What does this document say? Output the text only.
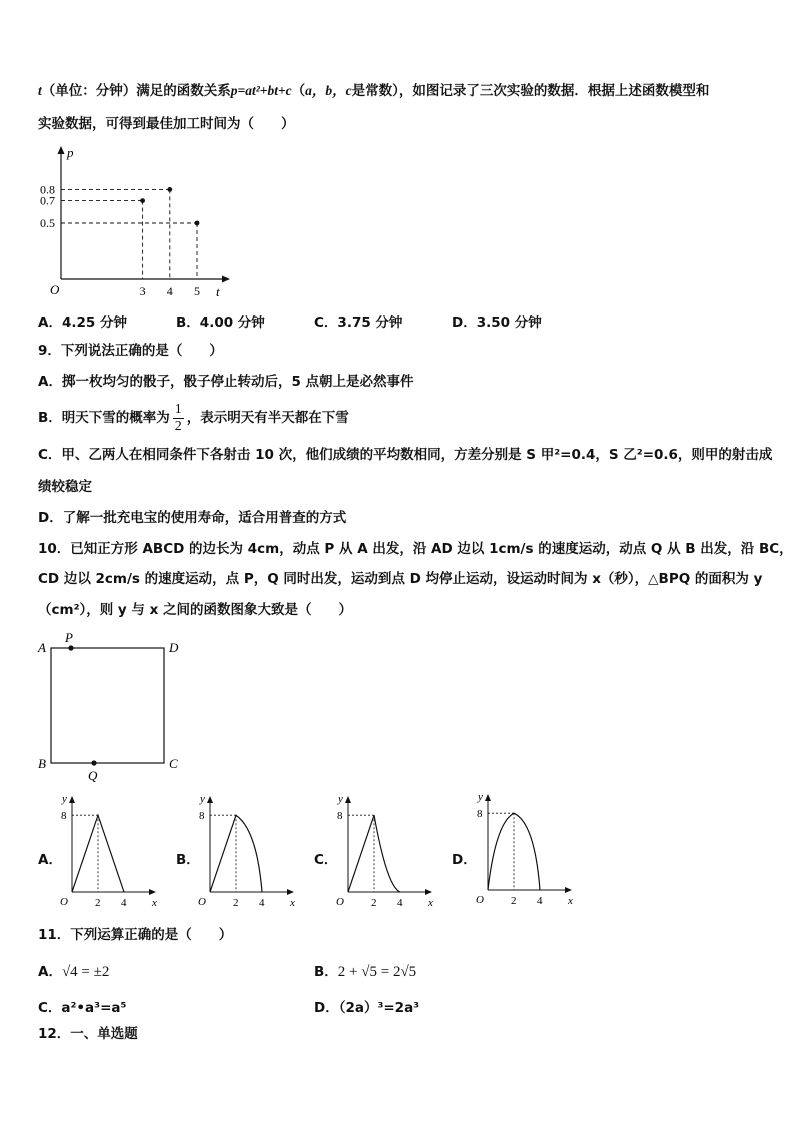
t（单位：分钟）满足的函数关系p=at²+bt+c（a，b，c是常数），如图记录了三次实验的数据．根据上述函数模型和
实验数据，可得到最佳加工时间为（　　）
p
t
O	3
0.7
4
0.8
5
0.5
A．4.25 分钟	B．4.00 分钟	C．3.75 分钟	D．3.50 分钟
9．下列说法正确的是（　　）
A．掷一枚均匀的骰子，骰子停止转动后，5 点朝上是必然事件
B．明天下雪的概率为 $\frac{1}{2}$ ，表示明天有半天都在下雪
C．甲、乙两人在相同条件下各射击 10 次，他们成绩的平均数相同，方差分别是 S 甲²=0.4，S 乙²=0.6，则甲的射击成
绩较稳定
D．了解一批充电宝的使用寿命，适合用普查的方式
10．已知正方形 ABCD 的边长为 4cm，动点 P 从 A 出发，沿 AD 边以 1cm/s 的速度运动，动点 Q 从 B 出发，沿 BC，
CD 边以 2cm/s 的速度运动，点 P，Q 同时出发，运动到点 D 均停止运动，设运动时间为 x（秒），△BPQ 的面积为 y
（cm²），则 y 与 x 之间的函数图象大致是（　　）
A
P
D
B	C
Q
A．	B．	C．	D．
y
x
O
8
2 4
y
x
O
8
2 4
y
x
O
8
2 4
y
x
O
8
2 4
11．下列运算正确的是（　　）
A．√4 = ±2	B．2 + √5 = 2√5
C．a²•a³=a⁵	D．（2a）³=2a³
12．一、单选题
